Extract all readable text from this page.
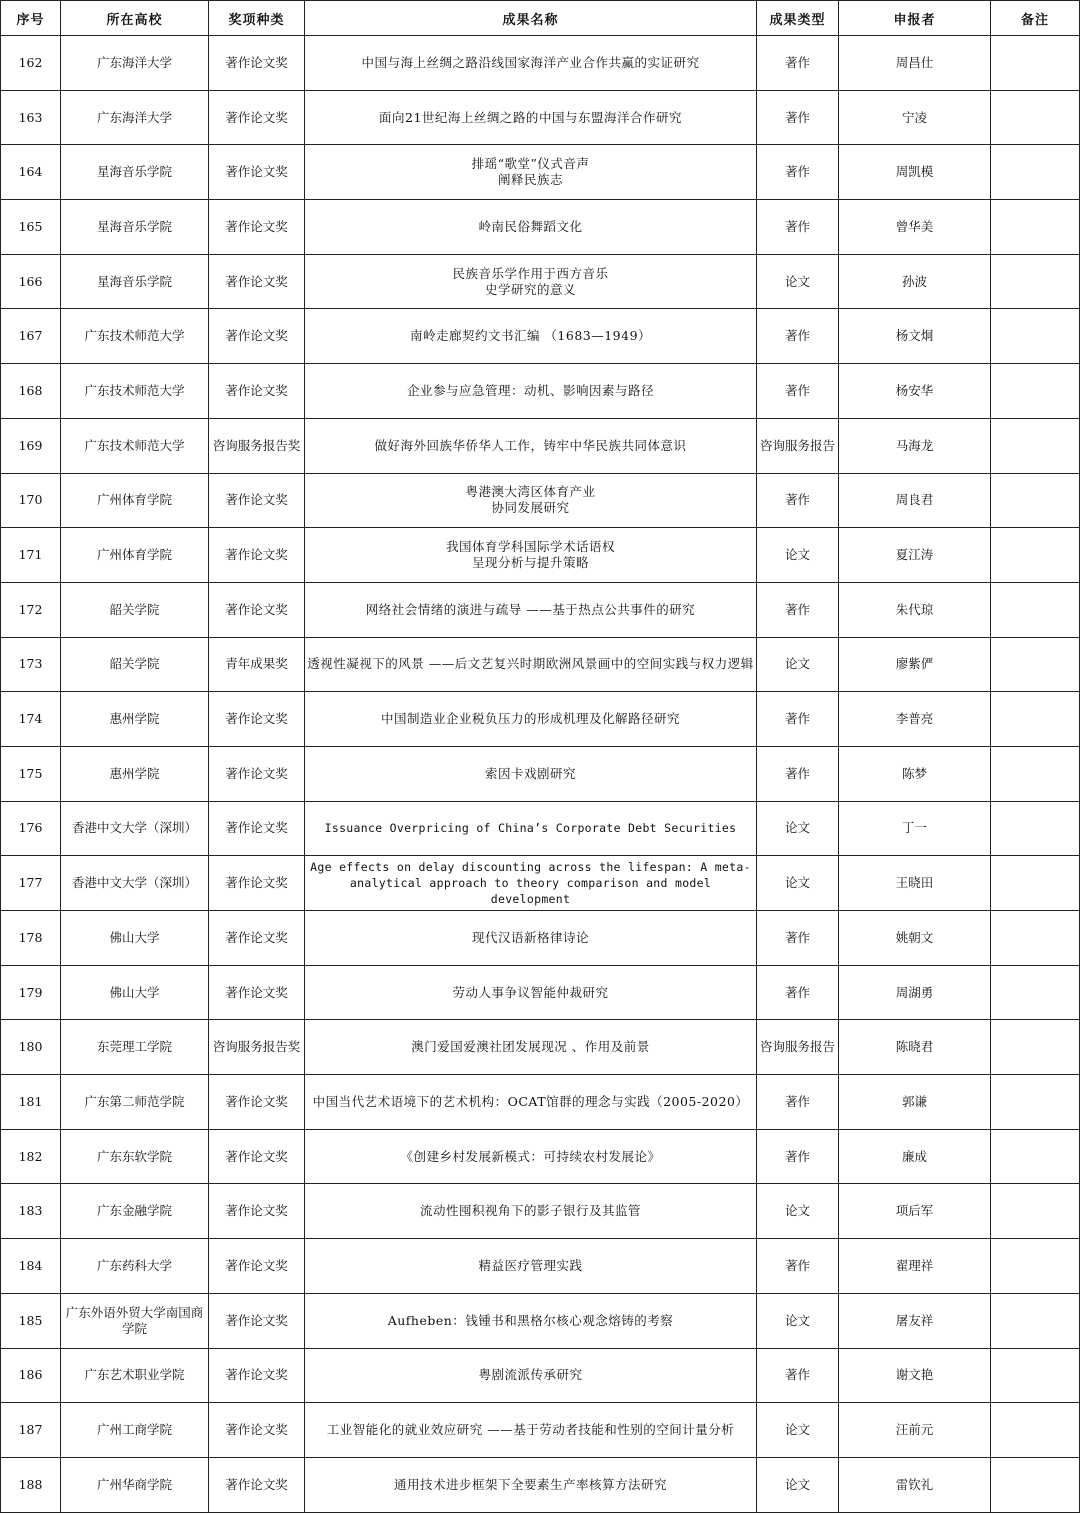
序号	所在高校	奖项种类	成果名称	成果类型	申报者	备注
162	广东海洋大学	著作论文奖	中国与海上丝绸之路沿线国家海洋产业合作共赢的实证研究	著作	周昌仕	
163	广东海洋大学	著作论文奖	面向21世纪海上丝绸之路的中国与东盟海洋合作研究	著作	宁凌	
164	星海音乐学院	著作论文奖	排瑶“歌堂”仪式音声
阐释民族志	著作	周凯模	
165	星海音乐学院	著作论文奖	岭南民俗舞蹈文化	著作	曾华美	
166	星海音乐学院	著作论文奖	民族音乐学作用于西方音乐
史学研究的意义	论文	孙波	
167	广东技术师范大学	著作论文奖	南岭走廊契约文书汇编 （1683—1949）	著作	杨文炯	
168	广东技术师范大学	著作论文奖	企业参与应急管理：动机、影响因素与路径	著作	杨安华	
169	广东技术师范大学	咨询服务报告奖	做好海外回族华侨华人工作，铸牢中华民族共同体意识	咨询服务报告	马海龙	
170	广州体育学院	著作论文奖	粤港澳大湾区体育产业
协同发展研究	著作	周良君	
171	广州体育学院	著作论文奖	我国体育学科国际学术话语权
呈现分析与提升策略	论文	夏江涛	
172	韶关学院	著作论文奖	网络社会情绪的演进与疏导 ——基于热点公共事件的研究	著作	朱代琼	
173	韶关学院	青年成果奖	透视性凝视下的风景 ——后文艺复兴时期欧洲风景画中的空间实践与权力逻辑	论文	廖紫俨	
174	惠州学院	著作论文奖	中国制造业企业税负压力的形成机理及化解路径研究	著作	李普亮	
175	惠州学院	著作论文奖	索因卡戏剧研究	著作	陈梦	
176	香港中文大学（深圳）	著作论文奖	Issuance Overpricing of China’s Corporate Debt Securities	论文	丁一	
177	香港中文大学（深圳）	著作论文奖	Age effects on delay discounting across the lifespan: A meta-
analytical approach to theory comparison and model development	论文	王晓田	
178	佛山大学	著作论文奖	现代汉语新格律诗论	著作	姚朝文	
179	佛山大学	著作论文奖	劳动人事争议智能仲裁研究	著作	周湖勇	
180	东莞理工学院	咨询服务报告奖	澳门爱国爱澳社团发展现况 、作用及前景	咨询服务报告	陈晓君	
181	广东第二师范学院	著作论文奖	中国当代艺术语境下的艺术机构：OCAT馆群的理念与实践（2005-2020）	著作	郭谦	
182	广东东软学院	著作论文奖	《创建乡村发展新模式：可持续农村发展论》	著作	廉成	
183	广东金融学院	著作论文奖	流动性囤积视角下的影子银行及其监管	论文	项后军	
184	广东药科大学	著作论文奖	精益医疗管理实践	著作	翟理祥	
185	广东外语外贸大学南国商学院	著作论文奖	Aufheben：钱锺书和黑格尔核心观念熔铸的考察	论文	屠友祥	
186	广东艺术职业学院	著作论文奖	粤剧流派传承研究	著作	谢文艳	
187	广州工商学院	著作论文奖	工业智能化的就业效应研究 ——基于劳动者技能和性别的空间计量分析	论文	汪前元	
188	广州华商学院	著作论文奖	通用技术进步框架下全要素生产率核算方法研究	论文	雷钦礼	
